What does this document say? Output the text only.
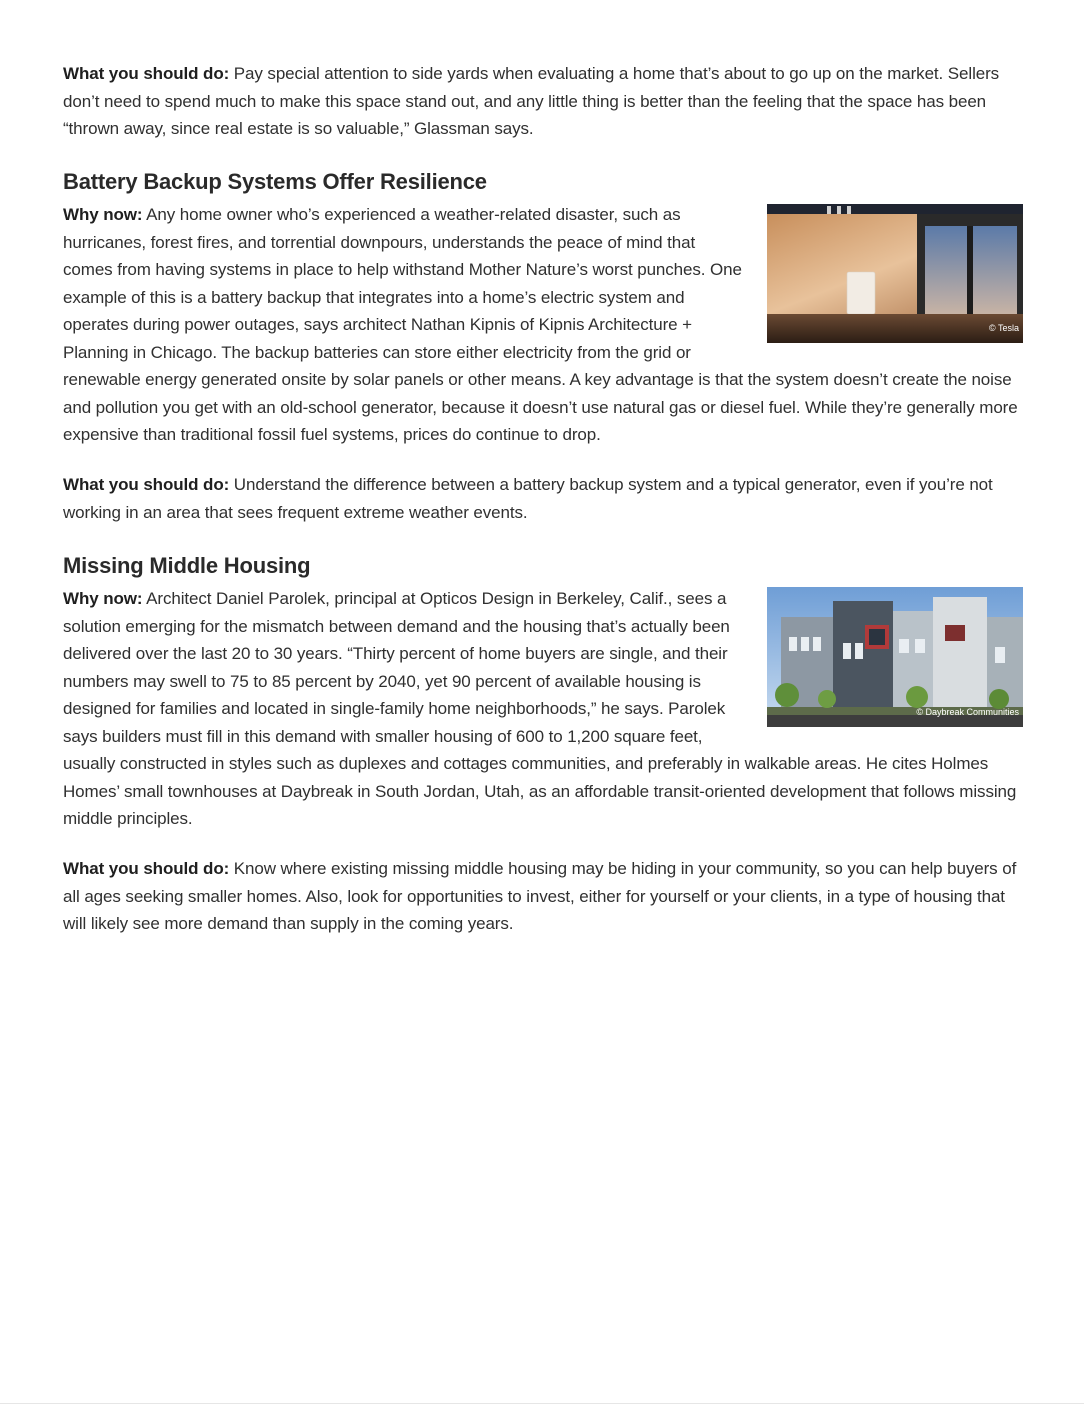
What you should do: Pay special attention to side yards when evaluating a home that’s about to go up on the market. Sellers don’t need to spend much to make this space stand out, and any little thing is better than the feeling that the space has been “thrown away, since real estate is so valuable,” Glassman says.
Battery Backup Systems Offer Resilience
© Tesla
Why now: Any home owner who’s experienced a weather-related disaster, such as hurricanes, forest fires, and torrential downpours, understands the peace of mind that comes from having systems in place to help withstand Mother Nature’s worst punches. One example of this is a battery backup that integrates into a home’s electric system and operates during power outages, says architect Nathan Kipnis of Kipnis Architecture + Planning in Chicago. The backup batteries can store either electricity from the grid or renewable energy generated onsite by solar panels or other means. A key advantage is that the system doesn’t create the noise and pollution you get with an old-school generator, because it doesn’t use natural gas or diesel fuel. While they’re generally more expensive than traditional fossil fuel systems, prices do continue to drop.
What you should do: Understand the difference between a battery backup system and a typical generator, even if you’re not working in an area that sees frequent extreme weather events.
Missing Middle Housing
© Daybreak Communities
Why now: Architect Daniel Parolek, principal at Opticos Design in Berkeley, Calif., sees a solution emerging for the mismatch between demand and the housing that’s actually been delivered over the last 20 to 30 years. “Thirty percent of home buyers are single, and their numbers may swell to 75 to 85 percent by 2040, yet 90 percent of available housing is designed for families and located in single-family home neighborhoods,” he says. Parolek says builders must fill in this demand with smaller housing of 600 to 1,200 square feet, usually constructed in styles such as duplexes and cottages communities, and preferably in walkable areas. He cites Holmes Homes’ small townhouses at Daybreak in South Jordan, Utah, as an affordable transit-oriented development that follows missing middle principles.
What you should do: Know where existing missing middle housing may be hiding in your community, so you can help buyers of all ages seeking smaller homes. Also, look for opportunities to invest, either for yourself or your clients, in a type of housing that will likely see more demand than supply in the coming years.
